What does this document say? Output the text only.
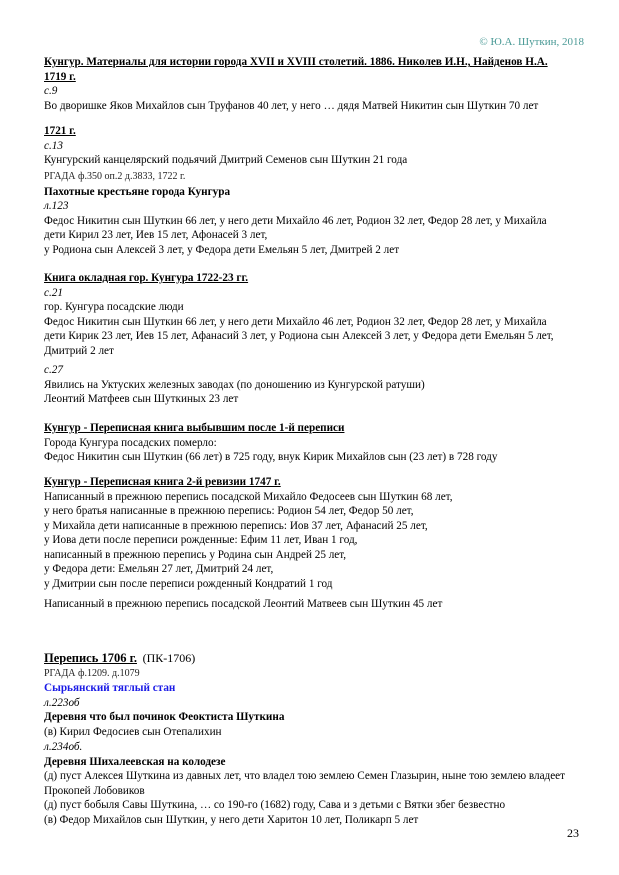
© Ю.А. Шуткин, 2018
Кунгур. Материалы для истории города XVII и XVIII столетий. 1886. Николев И.Н., Найденов Н.А.
1719 г.
с.9
Во дворишке Яков Михайлов сын Труфанов 40 лет, у него … дядя Матвей Никитин сын Шуткин 70 лет
1721 г.
с.13
Кунгурский канцелярский подьячий Дмитрий Семенов сын Шуткин 21 года
РГАДА ф.350 оп.2 д.3833, 1722 г.
Пахотные крестьяне города Кунгура
л.123
Федос Никитин сын Шуткин 66 лет, у него дети Михайло 46 лет, Родион 32 лет, Федор 28 лет, у Михайла
дети Кирил 23 лет, Иев 15 лет, Афонасей 3 лет,
у Родиона сын Алексей 3 лет, у Федора дети Емельян 5 лет, Дмитрей 2 лет
Книга окладная гор. Кунгура 1722-23 гг.
с.21
гор. Кунгура посадские люди
Федос Никитин сын Шуткин 66 лет, у него дети Михайло 46 лет, Родион 32 лет, Федор 28 лет, у Михайла
дети Кирик 23 лет, Иев 15 лет, Афанасий 3 лет, у Родиона сын Алексей 3 лет, у Федора дети Емельян 5 лет,
Дмитрий 2 лет
с.27
Явились на Уктуских железных заводах (по доношению из Кунгурской ратуши)
Леонтий Матфеев сын Шуткиных 23 лет
Кунгур - Переписная книга выбывшим после 1-й переписи
Города Кунгура посадских померло:
Федос Никитин сын Шуткин (66 лет) в 725 году, внук Кирик Михайлов сын (23 лет) в 728 году
Кунгур - Переписная книга 2-й ревизии 1747 г.
Написанный в прежнюю перепись посадской Михайло Федосеев сын Шуткин 68 лет,
у него братья написанные в прежнюю перепись: Родион 54 лет, Федор 50 лет,
у Михайла дети написанные в прежнюю перепись: Иов 37 лет, Афанасий 25 лет,
у Иова дети после переписи рожденные: Ефим 11 лет, Иван 1 год,
написанный в прежнюю перепись у Родина сын Андрей 25 лет,
у Федора дети: Емельян 27 лет, Дмитрий 24 лет,
у Дмитрии сын после переписи рожденный Кондратий 1 год
Написанный в прежнюю перепись посадской Леонтий Матвеев сын Шуткин 45 лет
Перепись 1706 г. (ПК-1706)
РГАДА ф.1209. д.1079
Сырьянский тяглый стан
л.223об
Деревня что был починок Феоктиста Шуткина
(в) Кирил Федосиев сын Отепалихин
л.234об.
Деревня Шихалеевская на колодезе
(д) пуст Алексея Шуткина из давных лет, что владел тою землею Семен Глазырин, ныне тою землею владеет
Прокопей Лобовиков
(д) пуст бобыля Савы Шуткина, … со 190-го (1682) году, Сава и з детьми с Вятки збег безвестно
(в) Федор Михайлов сын Шуткин, у него дети Харитон 10 лет, Поликарп 5 лет
23
